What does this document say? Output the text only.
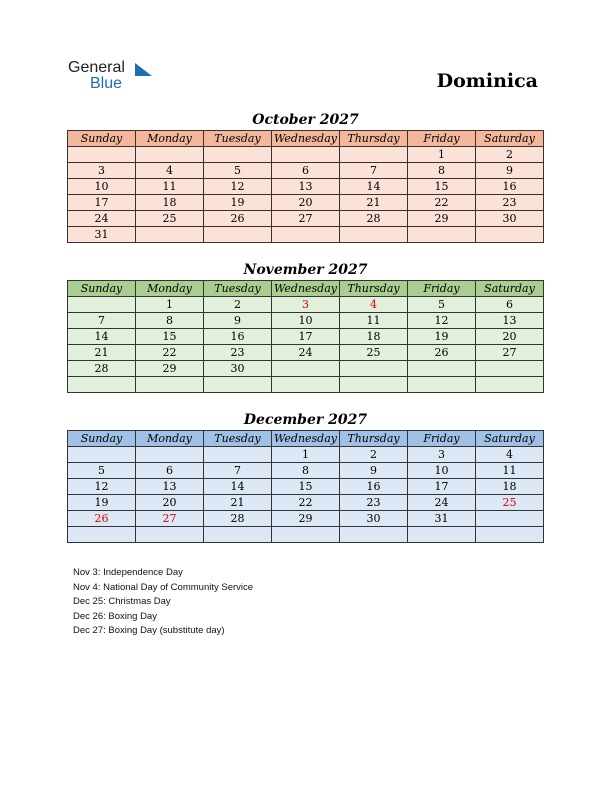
General
Blue	Dominica
October 2027
Sunday	Monday	Tuesday	Wednesday	Thursday	Friday	Saturday
					1	2
3	4	5	6	7	8	9
10	11	12	13	14	15	16
17	18	19	20	21	22	23
24	25	26	27	28	29	30
31						
November 2027
Sunday	Monday	Tuesday	Wednesday	Thursday	Friday	Saturday
	1	2	3	4	5	6
7	8	9	10	11	12	13
14	15	16	17	18	19	20
21	22	23	24	25	26	27
28	29	30				

December 2027
Sunday	Monday	Tuesday	Wednesday	Thursday	Friday	Saturday
			1	2	3	4
5	6	7	8	9	10	11
12	13	14	15	16	17	18
19	20	21	22	23	24	25
26	27	28	29	30	31	

Nov 3: Independence Day
Nov 4: National Day of Community Service
Dec 25: Christmas Day
Dec 26: Boxing Day
Dec 27: Boxing Day (substitute day)
